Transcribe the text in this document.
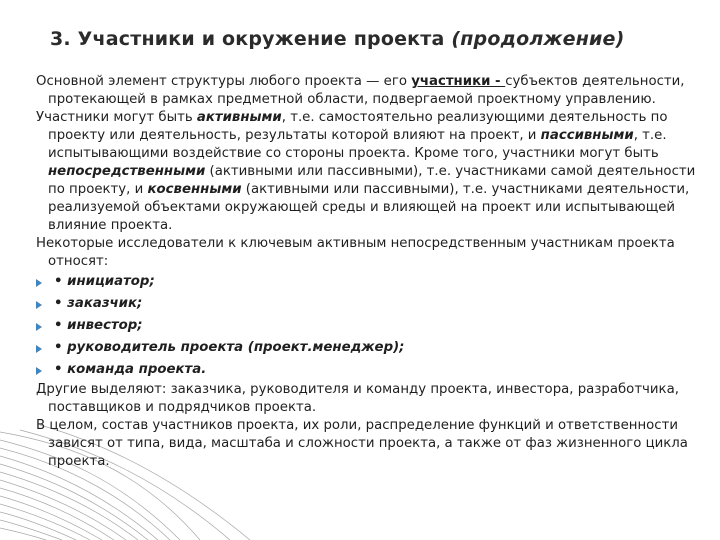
3. Участники и окружение проекта (продолжение)

Основной элемент структуры любого проекта — его участники - субъектов деятельности, протекающей в рамках предметной области, подвергаемой проектному управлению.

Участники могут быть активными, т.е. самостоятельно реализующими деятельность по проекту или деятельность, результаты которой влияют на проект, и пассивными, т.е. испытывающими воздействие со стороны проекта. Кроме того, участники могут быть непосредственными (активными или пассивными), т.е. участниками самой деятельности по проекту, и косвенными (активными или пассивными), т.е. участниками деятельности, реализуемой объектами окружающей среды и влияющей на проект или испытывающей влияние проекта.

Некоторые исследователи к ключевым активным непосредственным участникам проекта относят:

• инициатор;
• заказчик;
• инвестор;
• руководитель проекта (проект.менеджер);
• команда проекта.

Другие выделяют: заказчика, руководителя и команду проекта, инвестора, разработчика, поставщиков и подрядчиков проекта.

В целом, состав участников проекта, их роли, распределение функций и ответственности зависят от типа, вида, масштаба и сложности проекта, а также от фаз жизненного цикла проекта.
